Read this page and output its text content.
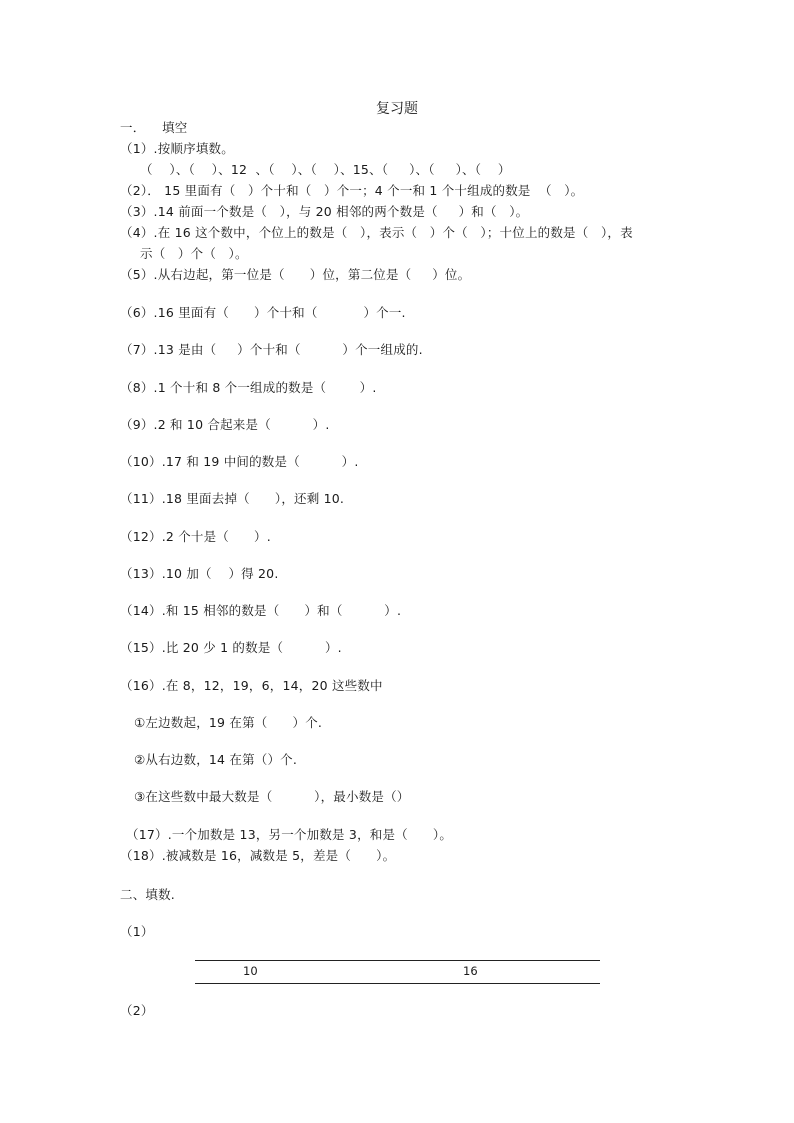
复习题
一．    填空
（1）.按顺序填数。
（    ）、（    ）、12  、（    ）、（    ）、15、（     ）、（     ）、（    ）
（2）． 15 里面有（   ）个十和（   ）个一；4 个一和 1 个十组成的数是  （   ）。
（3）.14 前面一个数是（   ），与 20 相邻的两个数是（     ）和（   ）。
（4）.在 16 这个数中，个位上的数是（   ），表示（   ）个（   ）；十位上的数是（   ），表
示（   ）个（   ）。
（5）.从右边起，第一位是（      ）位，第二位是（     ）位。
（6）.16 里面有（      ）个十和（           ）个一.
（7）.13 是由（     ）个十和（          ）个一组成的.
（8）.1 个十和 8 个一组成的数是（        ）.
（9）.2 和 10 合起来是（          ）.
（10）.17 和 19 中间的数是（          ）.
（11）.18 里面去掉（      ），还剩 10.
（12）.2 个十是（      ）.
（13）.10 加（    ）得 20.
（14）.和 15 相邻的数是（      ）和（          ）.
（15）.比 20 少 1 的数是（          ）.
（16）.在 8，12，19，6，14，20 这些数中
①左边数起，19 在第（      ）个.
②从右边数，14 在第（）个.
③在这些数中最大数是（          ），最小数是（）
（17）.一个加数是 13，另一个加数是 3，和是（      ）。
（18）.被减数是 16，减数是 5，差是（      ）。
二、填数.
（1）
10	16
（2）
